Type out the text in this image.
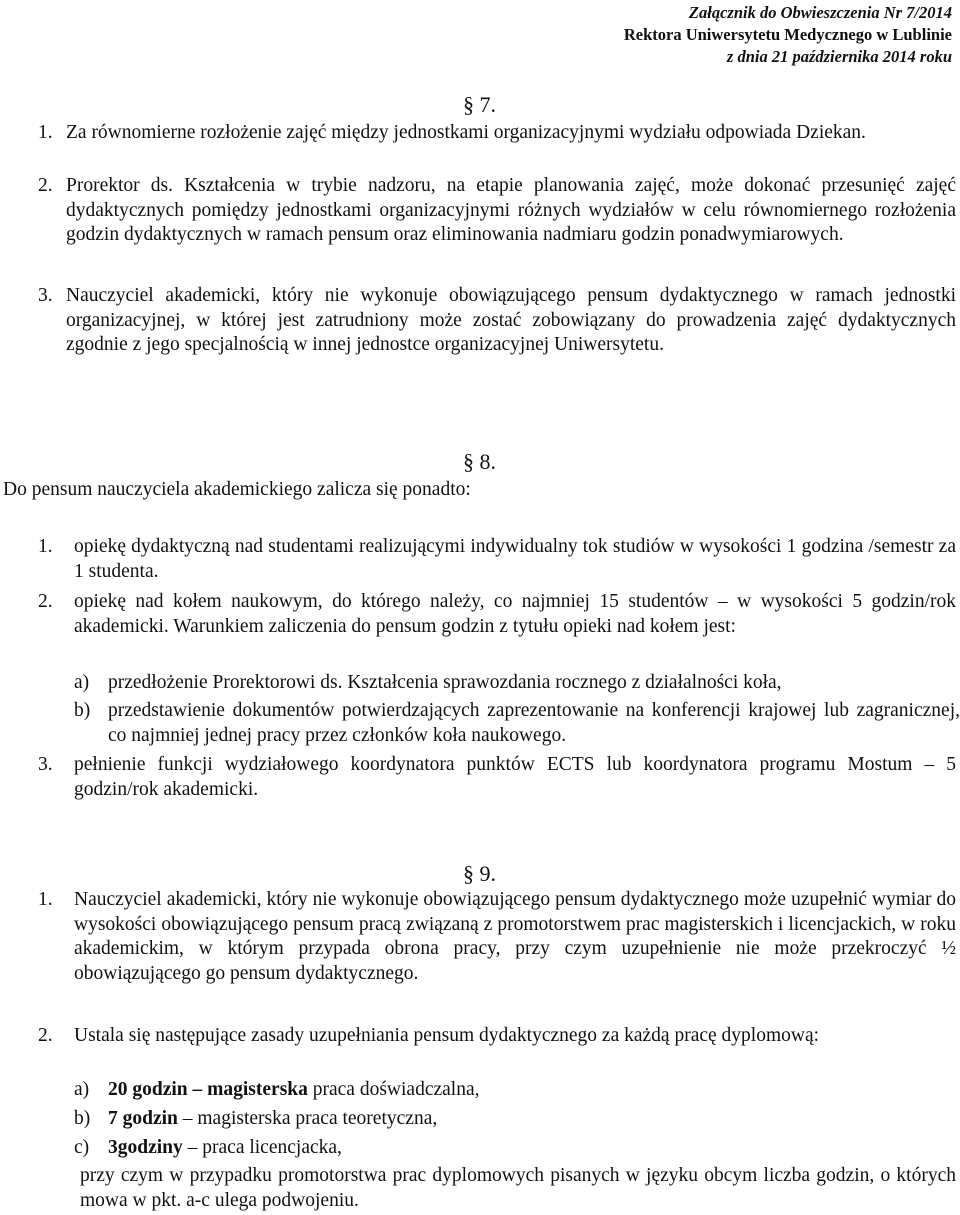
Załącznik do Obwieszczenia Nr 7/2014
Rektora Uniwersytetu Medycznego w Lublinie
z dnia 21 października 2014 roku
§ 7.
1. Za równomierne rozłożenie zajęć między jednostkami organizacyjnymi wydziału odpowiada Dziekan.
2. Prorektor ds. Kształcenia w trybie nadzoru, na etapie planowania zajęć, może dokonać przesunięć zajęć dydaktycznych pomiędzy jednostkami organizacyjnymi różnych wydziałów w celu równomiernego rozłożenia godzin dydaktycznych w ramach pensum oraz eliminowania nadmiaru godzin ponadwymiarowych.
3. Nauczyciel akademicki, który nie wykonuje obowiązującego pensum dydaktycznego w ramach jednostki organizacyjnej, w której jest zatrudniony może zostać zobowiązany do prowadzenia zajęć dydaktycznych zgodnie z jego specjalnością w innej jednostce organizacyjnej Uniwersytetu.
§ 8.
Do pensum nauczyciela akademickiego zalicza się ponadto:
1. opiekę dydaktyczną nad studentami realizującymi indywidualny tok studiów w wysokości 1 godzina /semestr za 1 studenta.
2. opiekę nad kołem naukowym, do którego należy, co najmniej 15 studentów – w wysokości 5 godzin/rok akademicki. Warunkiem zaliczenia do pensum godzin z tytułu opieki nad kołem jest:
a) przedłożenie Prorektorowi ds. Kształcenia sprawozdania rocznego z działalności koła,
b) przedstawienie dokumentów potwierdzających zaprezentowanie na konferencji krajowej lub zagranicznej, co najmniej jednej pracy przez członków koła naukowego.
3. pełnienie funkcji wydziałowego koordynatora punktów ECTS lub koordynatora programu Mostum – 5 godzin/rok akademicki.
§ 9.
1. Nauczyciel akademicki, który nie wykonuje obowiązującego pensum dydaktycznego może uzupełnić wymiar do wysokości obowiązującego pensum pracą związaną z promotorstwem prac magisterskich i licencjackich, w roku akademickim, w którym przypada obrona pracy, przy czym uzupełnienie nie może przekroczyć ½ obowiązującego go pensum dydaktycznego.
2. Ustala się następujące zasady uzupełniania pensum dydaktycznego za każdą pracę dyplomową:
a) 20 godzin – magisterska praca doświadczalna,
b) 7 godzin – magisterska praca teoretyczna,
c) 3godziny – praca licencjacka,
przy czym w przypadku promotorstwa prac dyplomowych pisanych w języku obcym liczba godzin, o których mowa w pkt. a-c ulega podwojeniu.
